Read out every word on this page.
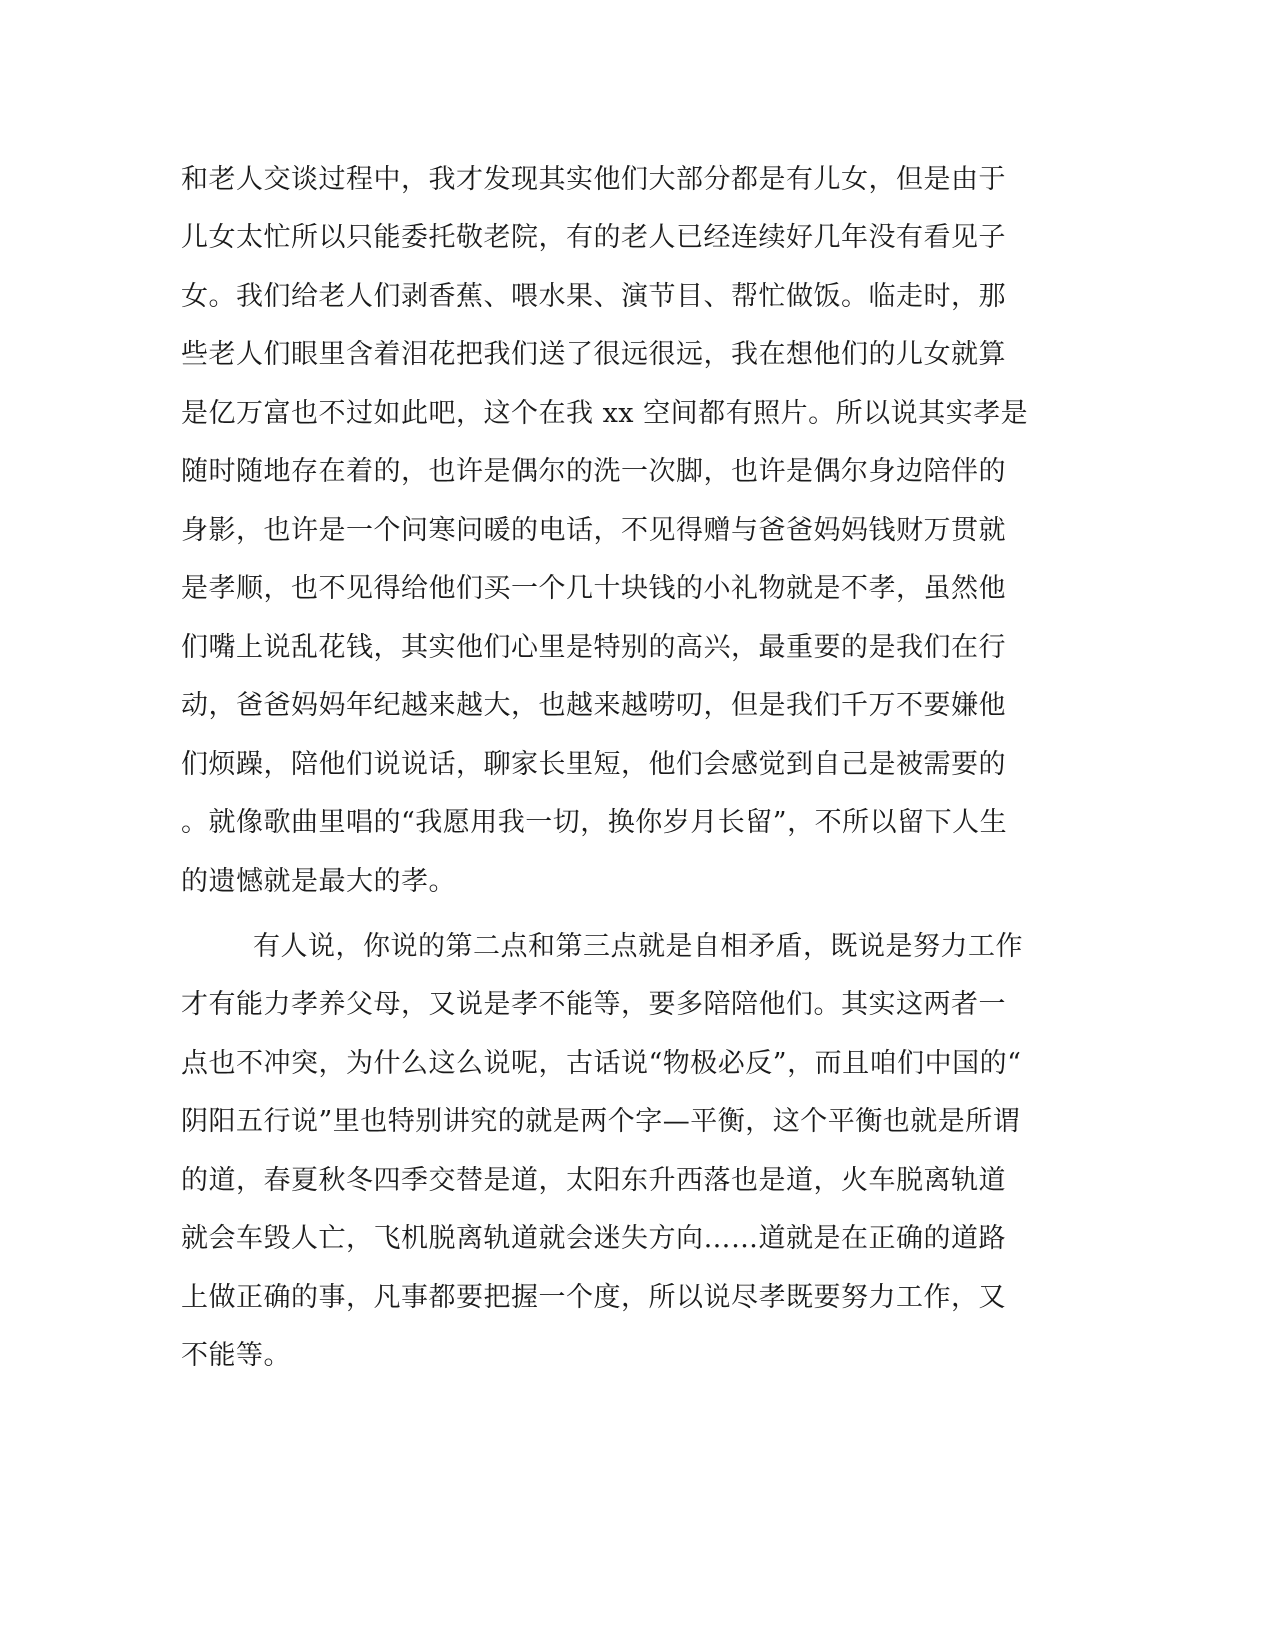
和老人交谈过程中，我才发现其实他们大部分都是有儿女，但是由于
儿女太忙所以只能委托敬老院，有的老人已经连续好几年没有看见子
女。我们给老人们剥香蕉、喂水果、演节目、帮忙做饭。临走时，那
些老人们眼里含着泪花把我们送了很远很远，我在想他们的儿女就算
是亿万富也不过如此吧，这个在我 xx 空间都有照片。所以说其实孝是
随时随地存在着的，也许是偶尔的洗一次脚，也许是偶尔身边陪伴的
身影，也许是一个问寒问暖的电话，不见得赠与爸爸妈妈钱财万贯就
是孝顺，也不见得给他们买一个几十块钱的小礼物就是不孝，虽然他
们嘴上说乱花钱，其实他们心里是特别的高兴，最重要的是我们在行
动，爸爸妈妈年纪越来越大，也越来越唠叨，但是我们千万不要嫌他
们烦躁，陪他们说说话，聊家长里短，他们会感觉到自己是被需要的
。就像歌曲里唱的“我愿用我一切，换你岁月长留”，不所以留下人生
的遗憾就是最大的孝。
有人说，你说的第二点和第三点就是自相矛盾，既说是努力工作
才有能力孝养父母，又说是孝不能等，要多陪陪他们。其实这两者一
点也不冲突，为什么这么说呢，古话说“物极必反”，而且咱们中国的“
阴阳五行说”里也特别讲究的就是两个字—平衡，这个平衡也就是所谓
的道，春夏秋冬四季交替是道，太阳东升西落也是道，火车脱离轨道
就会车毁人亡，飞机脱离轨道就会迷失方向……道就是在正确的道路
上做正确的事，凡事都要把握一个度，所以说尽孝既要努力工作，又
不能等。
